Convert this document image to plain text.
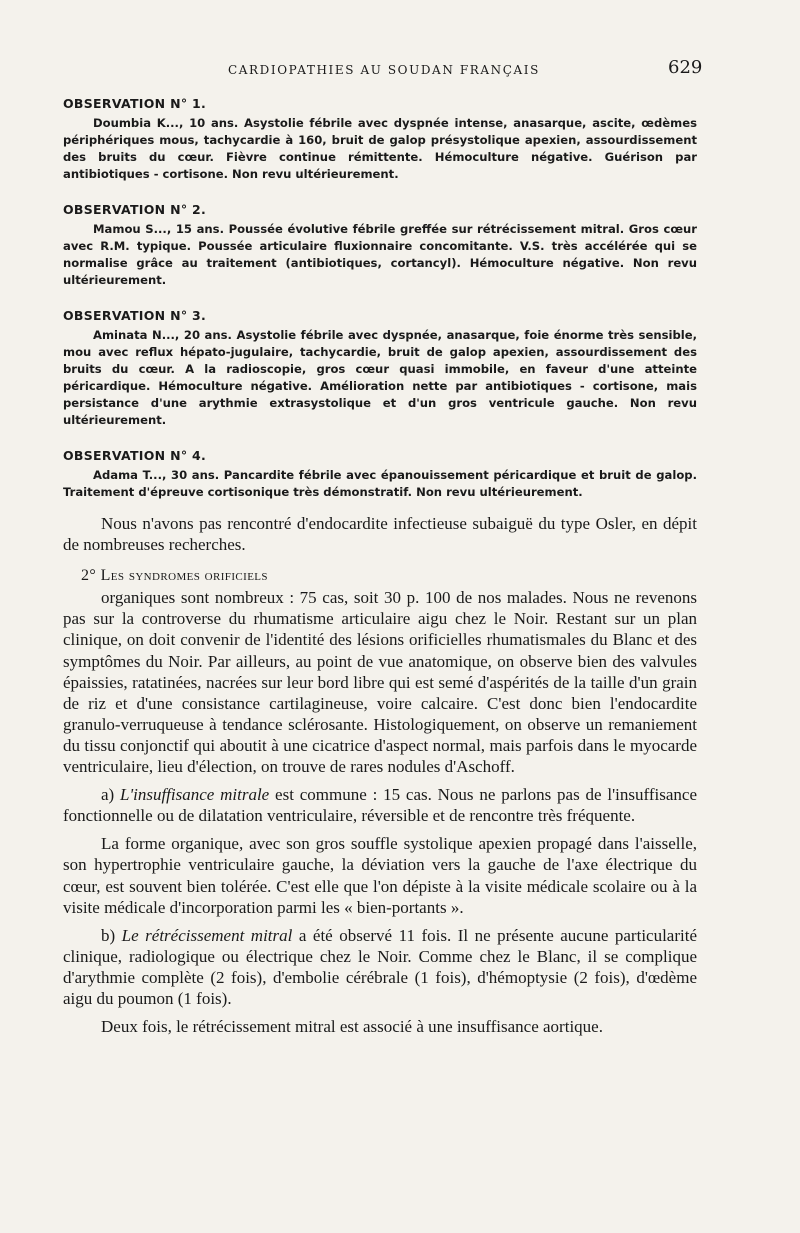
CARDIOPATHIES AU SOUDAN FRANÇAIS	629
OBSERVATION N° 1.
Doumbia K..., 10 ans. Asystolie fébrile avec dyspnée intense, anasarque, ascite, œdèmes périphériques mous, tachycardie à 160, bruit de galop présystolique apexien, assourdissement des bruits du cœur. Fièvre continue rémittente. Hémoculture négative. Guérison par antibiotiques - cortisone. Non revu ultérieurement.
OBSERVATION N° 2.
Mamou S..., 15 ans. Poussée évolutive fébrile greffée sur rétrécissement mitral. Gros cœur avec R.M. typique. Poussée articulaire fluxionnaire concomitante. V.S. très accélérée qui se normalise grâce au traitement (antibiotiques, cortancyl). Hémoculture négative. Non revu ultérieurement.
OBSERVATION N° 3.
Aminata N..., 20 ans. Asystolie fébrile avec dyspnée, anasarque, foie énorme très sensible, mou avec reflux hépato-jugulaire, tachycardie, bruit de galop apexien, assourdissement des bruits du cœur. A la radioscopie, gros cœur quasi immobile, en faveur d'une atteinte péricardique. Hémoculture négative. Amélioration nette par antibiotiques - cortisone, mais persistance d'une arythmie extrasystolique et d'un gros ventricule gauche. Non revu ultérieurement.
OBSERVATION N° 4.
Adama T..., 30 ans. Pancardite fébrile avec épanouissement péricardique et bruit de galop. Traitement d'épreuve cortisonique très démonstratif. Non revu ultérieurement.

Nous n'avons pas rencontré d'endocardite infectieuse subaiguë du type Osler, en dépit de nombreuses recherches.

2° Les syndromes orificiels

organiques sont nombreux : 75 cas, soit 30 p. 100 de nos malades. Nous ne revenons pas sur la controverse du rhumatisme articulaire aigu chez le Noir. Restant sur un plan clinique, on doit convenir de l'identité des lésions orificielles rhumatismales du Blanc et des symptômes du Noir. Par ailleurs, au point de vue anatomique, on observe bien des valvules épaissies, ratatinées, nacrées sur leur bord libre qui est semé d'aspérités de la taille d'un grain de riz et d'une consistance cartilagineuse, voire calcaire. C'est donc bien l'endocardite granulo-verruqueuse à tendance sclérosante. Histologiquement, on observe un remaniement du tissu conjonctif qui aboutit à une cicatrice d'aspect normal, mais parfois dans le myocarde ventriculaire, lieu d'élection, on trouve de rares nodules d'Aschoff.

a) L'insuffisance mitrale est commune : 15 cas. Nous ne parlons pas de l'insuffisance fonctionnelle ou de dilatation ventriculaire, réversible et de rencontre très fréquente.

La forme organique, avec son gros souffle systolique apexien propagé dans l'aisselle, son hypertrophie ventriculaire gauche, la déviation vers la gauche de l'axe électrique du cœur, est souvent bien tolérée. C'est elle que l'on dépiste à la visite médicale scolaire ou à la visite médicale d'incorporation parmi les « bien-portants ».

b) Le rétrécissement mitral a été observé 11 fois. Il ne présente aucune particularité clinique, radiologique ou électrique chez le Noir. Comme chez le Blanc, il se complique d'arythmie complète (2 fois), d'embolie cérébrale (1 fois), d'hémoptysie (2 fois), d'œdème aigu du poumon (1 fois).

Deux fois, le rétrécissement mitral est associé à une insuffisance aortique.
